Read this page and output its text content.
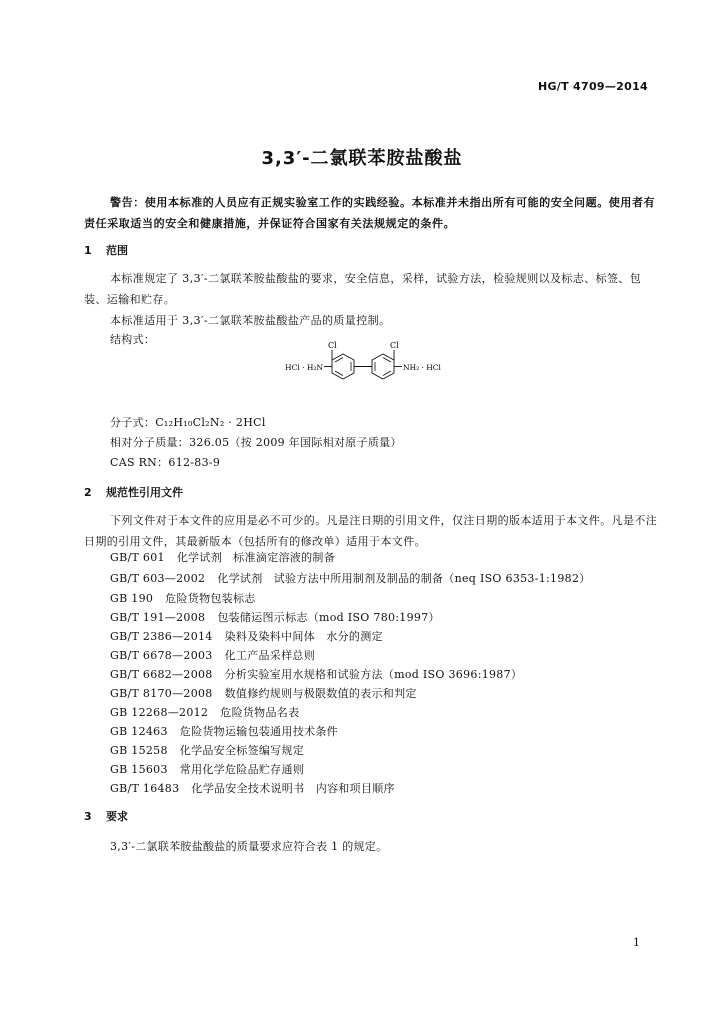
HG/T 4709—2014
3,3′-二氯联苯胺盐酸盐
警告：使用本标准的人员应有正规实验室工作的实践经验。本标准并未指出所有可能的安全问题。使用者有责任采取适当的安全和健康措施，并保证符合国家有关法规规定的条件。
1 范围
本标准规定了 3,3′-二氯联苯胺盐酸盐的要求，安全信息，采样，试验方法，检验规则以及标志、标签、包装、运输和贮存。
本标准适用于 3,3′-二氯联苯胺盐酸盐产品的质量控制。
结构式：	Cl	Cl
HCl · H₂N	NH₂ · HCl
分子式：C₁₂H₁₀Cl₂N₂ · 2HCl
相对分子质量：326.05（按 2009 年国际相对原子质量）
CAS RN：612-83-9
2 规范性引用文件
下列文件对于本文件的应用是必不可少的。凡是注日期的引用文件，仅注日期的版本适用于本文件。凡是不注日期的引用文件，其最新版本（包括所有的修改单）适用于本文件。
GB/T 601 化学试剂　标准滴定溶液的制备
GB/T 603—2002 化学试剂　试验方法中所用制剂及制品的制备（neq ISO 6353-1:1982）
GB 190 危险货物包装标志
GB/T 191—2008 包装储运图示标志（mod ISO 780:1997）
GB/T 2386—2014 染料及染料中间体　水分的测定
GB/T 6678—2003 化工产品采样总则
GB/T 6682—2008 分析实验室用水规格和试验方法（mod ISO 3696:1987）
GB/T 8170—2008 数值修约规则与极限数值的表示和判定
GB 12268—2012 危险货物品名表
GB 12463 危险货物运输包装通用技术条件
GB 15258 化学品安全标签编写规定
GB 15603 常用化学危险品贮存通则
GB/T 16483 化学品安全技术说明书　内容和项目顺序
3 要求
3,3′-二氯联苯胺盐酸盐的质量要求应符合表 1 的规定。
1
